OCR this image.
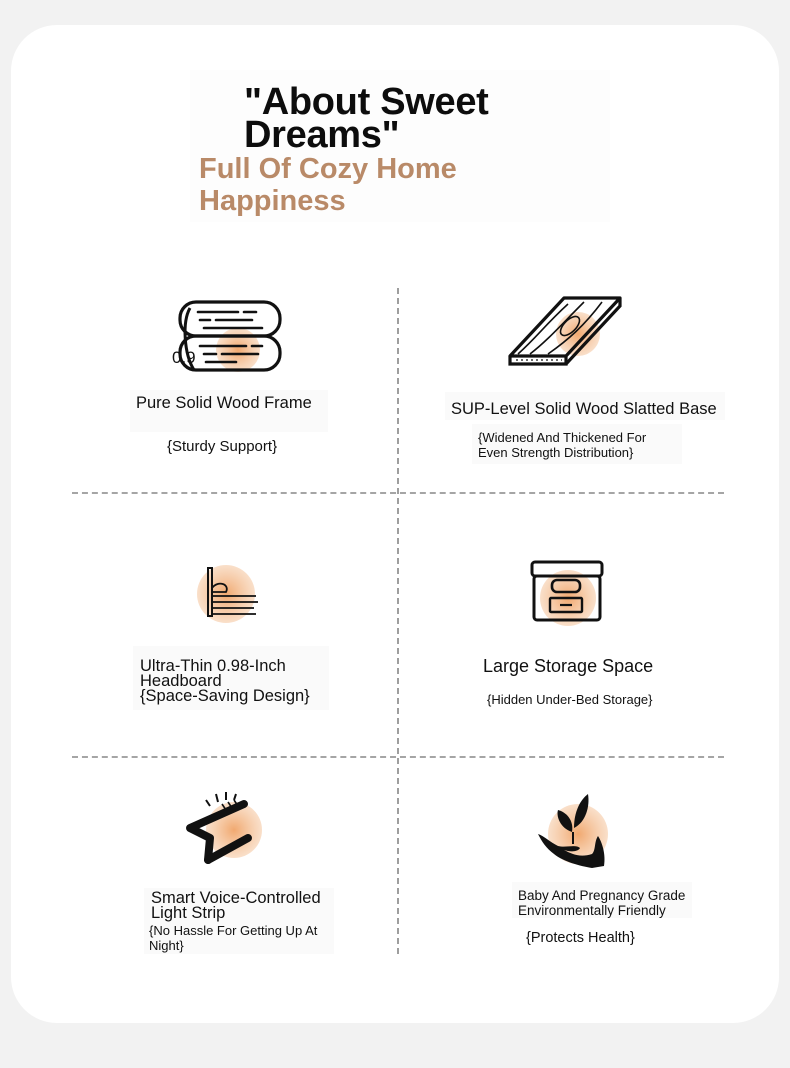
"About Sweet Dreams"
Full Of Cozy Home Happiness
0.9
Pure Solid Wood Frame
{Sturdy Support}
SUP-Level Solid Wood Slatted Base
{Widened And Thickened For Even Strength Distribution}
Ultra-Thin 0.98-Inch Headboard
{Space-Saving Design}
Large Storage Space
{Hidden Under-Bed Storage}
Smart Voice-Controlled Light Strip
{No Hassle For Getting Up At Night}
Baby And Pregnancy Grade Environmentally Friendly
{Protects Health}
